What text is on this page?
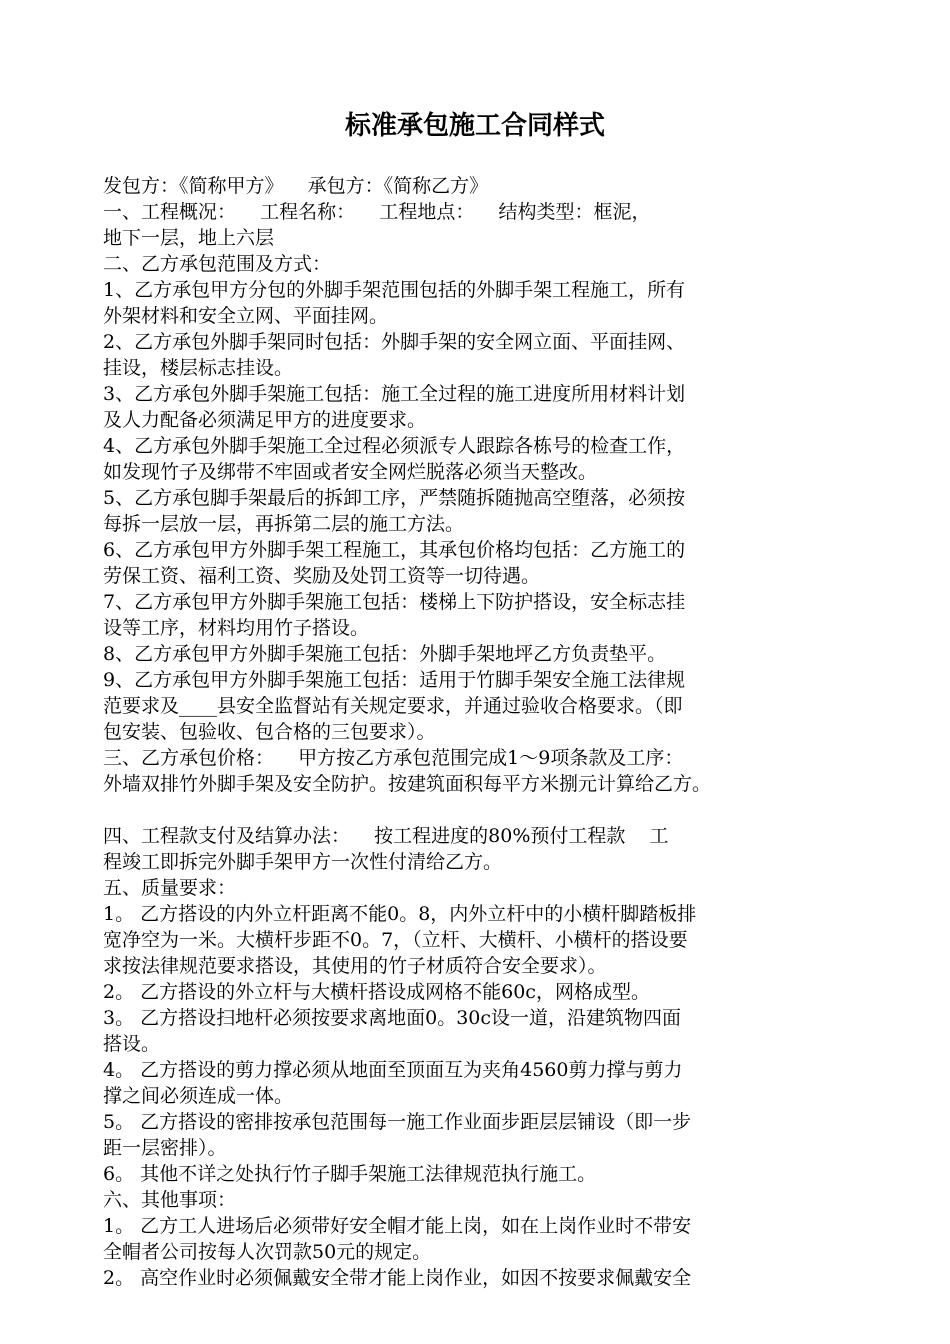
标准承包施工合同样式
发包方：《简称甲方》    承包方：《简称乙方》
一、工程概况：    工程名称：    工程地点：    结构类型：框泥，
地下一层，地上六层
二、乙方承包范围及方式：
1、乙方承包甲方分包的外脚手架范围包括的外脚手架工程施工，所有
外架材料和安全立网、平面挂网。
2、乙方承包外脚手架同时包括：外脚手架的安全网立面、平面挂网、
挂设，楼层标志挂设。
3、乙方承包外脚手架施工包括：施工全过程的施工进度所用材料计划
及人力配备必须满足甲方的进度要求。
4、乙方承包外脚手架施工全过程必须派专人跟踪各栋号的检查工作，
如发现竹子及绑带不牢固或者安全网烂脱落必须当天整改。
5、乙方承包脚手架最后的拆卸工序，严禁随拆随抛高空堕落，必须按
每拆一层放一层，再拆第二层的施工方法。
6、乙方承包甲方外脚手架工程施工，其承包价格均包括：乙方施工的
劳保工资、福利工资、奖励及处罚工资等一切待遇。
7、乙方承包甲方外脚手架施工包括：楼梯上下防护搭设，安全标志挂
设等工序，材料均用竹子搭设。
8、乙方承包甲方外脚手架施工包括：外脚手架地坪乙方负责垫平。
9、乙方承包甲方外脚手架施工包括：适用于竹脚手架安全施工法律规
范要求及____县安全监督站有关规定要求，并通过验收合格要求。（即
包安装、包验收、包合格的三包要求）。
三、乙方承包价格：    甲方按乙方承包范围完成1～9项条款及工序：
外墙双排竹外脚手架及安全防护。按建筑面积每平方米捌元计算给乙方。
四、工程款支付及结算办法：    按工程进度的80%预付工程款    工
程竣工即拆完外脚手架甲方一次性付清给乙方。
五、质量要求：
1。 乙方搭设的内外立杆距离不能0。8，内外立杆中的小横杆脚踏板排
宽净空为一米。大横杆步距不0。7，（立杆、大横杆、小横杆的搭设要
求按法律规范要求搭设，其使用的竹子材质符合安全要求）。
2。 乙方搭设的外立杆与大横杆搭设成网格不能60c，网格成型。
3。 乙方搭设扫地杆必须按要求离地面0。30c设一道，沿建筑物四面
搭设。
4。 乙方搭设的剪力撑必须从地面至顶面互为夹角4560剪力撑与剪力
撑之间必须连成一体。
5。 乙方搭设的密排按承包范围每一施工作业面步距层层铺设（即一步
距一层密排）。
6。 其他不详之处执行竹子脚手架施工法律规范执行施工。
六、其他事项：
1。 乙方工人进场后必须带好安全帽才能上岗，如在上岗作业时不带安
全帽者公司按每人次罚款50元的规定。
2。 高空作业时必须佩戴安全带才能上岗作业，如因不按要求佩戴安全
